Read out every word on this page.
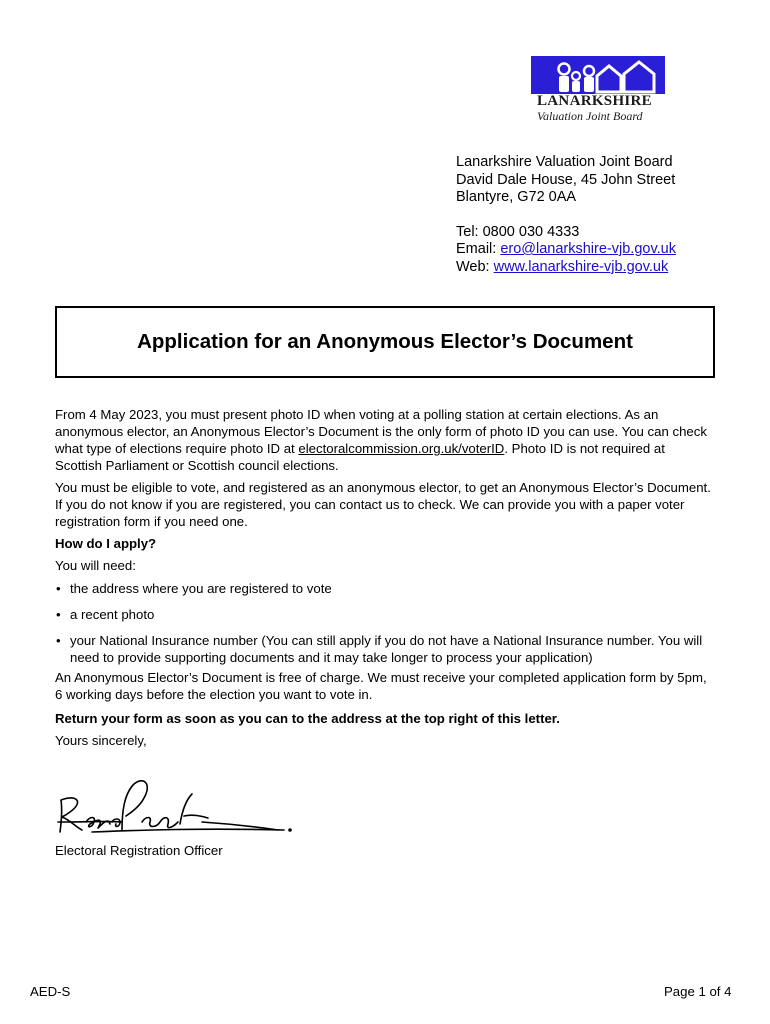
LANARKSHIRE
Valuation Joint Board
Lanarkshire Valuation Joint Board
David Dale House, 45 John Street
Blantyre, G72 0AA
Tel: 0800 030 4333
Email: ero@lanarkshire-vjb.gov.uk
Web: www.lanarkshire-vjb.gov.uk
Application for an Anonymous Elector’s Document

From 4 May 2023, you must present photo ID when voting at a polling station at certain elections. As an anonymous elector, an Anonymous Elector’s Document is the only form of photo ID you can use. You can check what type of elections require photo ID at electoralcommission.org.uk/voterID. Photo ID is not required at Scottish Parliament or Scottish council elections.

You must be eligible to vote, and registered as an anonymous elector, to get an Anonymous Elector’s Document. If you do not know if you are registered, you can contact us to check. We can provide you with a paper voter registration form if you need one.

How do I apply?

You will need:

• the address where you are registered to vote
• a recent photo
• your National Insurance number (You can still apply if you do not have a National Insurance number. You will need to provide supporting documents and it may take longer to process your application)

An Anonymous Elector’s Document is free of charge. We must receive your completed application form by 5pm, 6 working days before the election you want to vote in.

Return your form as soon as you can to the address at the top right of this letter.

Yours sincerely,

Electoral Registration Officer
AED-S	Page 1 of 4
